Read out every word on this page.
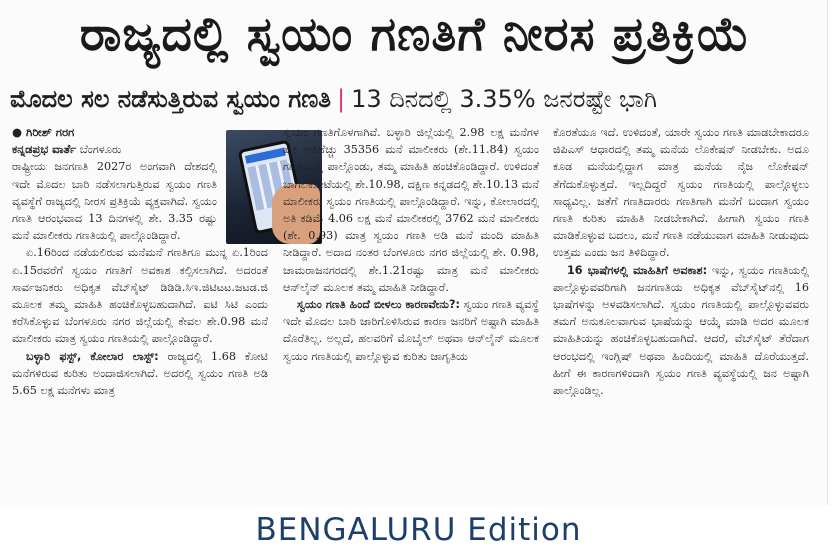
ರಾಜ್ಯದಲ್ಲಿ ಸ್ವಯಂ ಗಣತಿಗೆ ನೀರಸ ಪ್ರತಿಕ್ರಿಯೆ
ಮೊದಲ ಸಲ ನಡೆಸುತ್ತಿರುವ ಸ್ವಯಂ ಗಣತಿ | 13 ದಿನದಲ್ಲಿ 3.35% ಜನರಷ್ಟೇ ಭಾಗಿ
● ಗಿರೀಶ್ ಗರಗ
ಕನ್ನಡಪ್ರಭ ವಾರ್ತೆ ಬೆಂಗಳೂರು

ರಾಷ್ಟ್ರೀಯ ಜನಗಣತಿ 2027ರ ಅಂಗವಾಗಿ ದೇಶದಲ್ಲಿ ಇದೇ ಮೊದಲ ಬಾರಿ ನಡೆಸಲಾಗುತ್ತಿರುವ ಸ್ವಯಂ ಗಣತಿ ವ್ಯವಸ್ಥೆಗೆ ರಾಜ್ಯದಲ್ಲಿ ನೀರಸ ಪ್ರತಿಕ್ರಿಯೆ ವ್ಯಕ್ತವಾಗಿದೆ. ಸ್ವಯಂ ಗಣತಿ ಆರಂಭವಾದ 13 ದಿನಗಳಲ್ಲಿ ಶೇ. 3.35 ರಷ್ಟು ಮನೆ ಮಾಲೀಕರು ಗಣತಿಯಲ್ಲಿ ಪಾಲ್ಗೊಂಡಿದ್ದಾರೆ.

ಏ.16ರಿಂದ ನಡೆಯಲಿರುವ ಮನೆಮನೆ ಗಣತಿಗೂ ಮುನ್ನ ಏ.1ರಿಂದ ಏ.15ರವರೆಗೆ ಸ್ವಯಂ ಗಣತಿಗೆ ಅವಕಾಶ ಕಲ್ಪಿಸಲಾಗಿದೆ. ಅದರಂತೆ ಸಾರ್ವಜನಿಕರು ಅಧಿಕೃತ ವೆಬ್‌ಸೈಟ್ ಡಿಡಿಡಿ.ಸಿಇ.ಜಿಟಿಟಟ.ಜಟಡ.ಜಿ ಮೂಲಕ ತಮ್ಮ ಮಾಹಿತಿ ಹಂಚಿಕೊಳ್ಳಬಹುದಾಗಿದೆ. ಐಟಿ ಸಿಟಿ ಎಂದು ಕರೆಸಿಕೊಳ್ಳುವ ಬೆಂಗಳೂರು ನಗರ ಜಿಲ್ಲೆಯಲ್ಲಿ ಕೇವಲ ಶೇ.0.98 ಮನೆ ಮಾಲೀಕರು ಮಾತ್ರ ಸ್ವಯಂ ಗಣತಿಯಲ್ಲಿ ಪಾಲ್ಗೊಂಡಿದ್ದಾರೆ.

ಬಳ್ಳಾರಿ ಫಸ್ಟ್, ಕೋಲಾರ ಲಾಸ್ಟ್: ರಾಜ್ಯದಲ್ಲಿ 1.68 ಕೋಟಿ ಮನೆಗಳಿರುವ ಕುರಿತು ಅಂದಾಜಿಸಲಾಗಿದೆ. ಅದರಲ್ಲಿ ಸ್ವಯಂ ಗಣತಿ ಅಡಿ 5.65 ಲಕ್ಷ ಮನೆಗಳು ಮಾತ್ರ

ಸ್ವಯಂ ಗಣತಿಗೊಳಗಾಗಿವೆ. ಬಳ್ಳಾರಿ ಜಿಲ್ಲೆಯಲ್ಲಿ 2.98 ಲಕ್ಷ ಮನೆಗಳ ಪೈಕಿ ಅತಿಹೆಚ್ಚು 35356 ಮನೆ ಮಾಲೀಕರು (ಶೇ.11.84) ಸ್ವಯಂ ಗಣತಿಯಲ್ಲಿ ಪಾಲ್ಗೊಂಡು, ತಮ್ಮ ಮಾಹಿತಿ ಹಂಚಿಕೊಂಡಿದ್ದಾರೆ. ಉಳಿದಂತೆ ಬಾಗಲಕೋಟೆಯಲ್ಲಿ ಶೇ.10.98, ದಕ್ಷಿಣ ಕನ್ನಡದಲ್ಲಿ ಶೇ.10.13 ಮನೆ ಮಾಲೀಕರು ಸ್ವಯಂ ಗಣತಿಯಲ್ಲಿ ಪಾಲ್ಗೊಂಡಿದ್ದಾರೆ. ಇನ್ನು, ಕೋಲಾರದಲ್ಲಿ ಅತಿ ಕಡಿಮೆ 4.06 ಲಕ್ಷ ಮನೆ ಮಾಲೀಕರಲ್ಲಿ 3762 ಮನೆ ಮಾಲೀಕರು (ಶೇ. 0.93) ಮಾತ್ರ ಸ್ವಯಂ ಗಣತಿ ಅಡಿ ಮನೆ ಮಂದಿ ಮಾಹಿತಿ ನೀಡಿದ್ದಾರೆ. ಅದಾದ ನಂತರ ಬೆಂಗಳೂರು ನಗರ ಜಿಲ್ಲೆಯಲ್ಲಿ ಶೇ. 0.98, ಚಾಮರಾಜನಗರದಲ್ಲಿ ಶೇ.1.21ರಷ್ಟು ಮಾತ್ರ ಮನೆ ಮಾಲೀಕರು ಆನ್‌ಲೈನ್ ಮೂಲಕ ತಮ್ಮ ಮಾಹಿತಿ ನೀಡಿದ್ದಾರೆ.

ಸ್ವಯಂ ಗಣತಿ ಹಿಂದೆ ಬೀಳಲು ಕಾರಣವೇನು?: ಸ್ವಯಂ ಗಣತಿ ವ್ಯವಸ್ಥೆ ಇದೇ ಮೊದಲ ಬಾರಿ ಜಾರಿಗೊಳಿಸಿರುವ ಕಾರಣ ಜನರಿಗೆ ಅಷ್ಟಾಗಿ ಮಾಹಿತಿ ದೊರೆತಿಲ್ಲ. ಅಲ್ಲದೆ, ಹಲವರಿಗೆ ಮೊಬೈಲ್ ಅಥವಾ ಆನ್‌ಲೈನ್ ಮೂಲಕ ಸ್ವಯಂ ಗಣತಿಯಲ್ಲಿ ಪಾಲ್ಗೊಳ್ಳುವ ಕುರಿತು ಜಾಗೃತಿಯ

ಕೊರತೆಯೂ ಇದೆ. ಉಳಿದಂತೆ, ಯಾರೇ ಸ್ವಯಂ ಗಣತಿ ಮಾಡಬೇಕಾದರೂ ಜಿಪಿಎಸ್ ಆಧಾರದಲ್ಲಿ ತಮ್ಮ ಮನೆಯ ಲೊಕೇಷನ್ ನೀಡಬೇಕು. ಅದೂ ಕೂಡ ಮನೆಯಲ್ಲಿದ್ದಾಗ ಮಾತ್ರ ಮನೆಯ ನೈಜ ಲೊಕೇಷನ್ ತೆಗೆದುಕೊಳ್ಳುತ್ತದೆ. ಇಲ್ಲದಿದ್ದರೆ ಸ್ವಯಂ ಗಣತಿಯಲ್ಲಿ ಪಾಲ್ಗೊಳ್ಳಲು ಸಾಧ್ಯವಿಲ್ಲ. ಜತೆಗೆ ಗಣತಿದಾರರು ಗಣತಿಗಾಗಿ ಮನೆಗೆ ಬಂದಾಗ ಸ್ವಯಂ ಗಣತಿ ಕುರಿತು ಮಾಹಿತಿ ನೀಡಬೇಕಾಗಿದೆ. ಹೀಗಾಗಿ ಸ್ವಯಂ ಗಣತಿ ಮಾಡಿಕೊಳ್ಳುವ ಬದಲು, ಮನೆ ಗಣತಿ ನಡೆಯುವಾಗ ಮಾಹಿತಿ ನೀಡುವುದು ಉತ್ತಮ ಎಂದು ಜನ ತಿಳಿದಿದ್ದಾರೆ.

16 ಭಾಷೆಗಳಲ್ಲಿ ಮಾಹಿತಿಗೆ ಅವಕಾಶ: ಇನ್ನು, ಸ್ವಯಂ ಗಣತಿಯಲ್ಲಿ ಪಾಲ್ಗೊಳ್ಳುವವರಿಗಾಗಿ ಜನಗಣತಿಯ ಅಧಿಕೃತ ವೆಬ್‌ಸೈಟ್‌ನಲ್ಲಿ 16 ಭಾಷೆಗಳನ್ನು ಅಳವಡಿಸಲಾಗಿದೆ. ಸ್ವಯಂ ಗಣತಿಯಲ್ಲಿ ಪಾಲ್ಗೊಳ್ಳುವವರು ತಮಗೆ ಅನುಕೂಲವಾಗುವ ಭಾಷೆಯನ್ನು ಆಯ್ಕೆ ಮಾಡಿ ಅದರ ಮೂಲಕ ಮಾಹಿತಿಯನ್ನು ಹಂಚಿಕೊಳ್ಳಬಹುದಾಗಿದೆ. ಆದರೆ, ವೆಬ್‌ಸೈಟ್ ತೆರೆದಾಗ ಆರಂಭದಲ್ಲಿ ಇಂಗ್ಲಿಷ್ ಅಥವಾ ಹಿಂದಿಯಲ್ಲಿ ಮಾಹಿತಿ ದೊರೆಯುತ್ತದೆ. ಹೀಗೆ ಈ ಕಾರಣಗಳಿಂದಾಗಿ ಸ್ವಯಂ ಗಣತಿ ವ್ಯವಸ್ಥೆಯಲ್ಲಿ ಜನ ಅಷ್ಟಾಗಿ ಪಾಲ್ಗೊಂಡಿಲ್ಲ.

BENGALURU Edition
